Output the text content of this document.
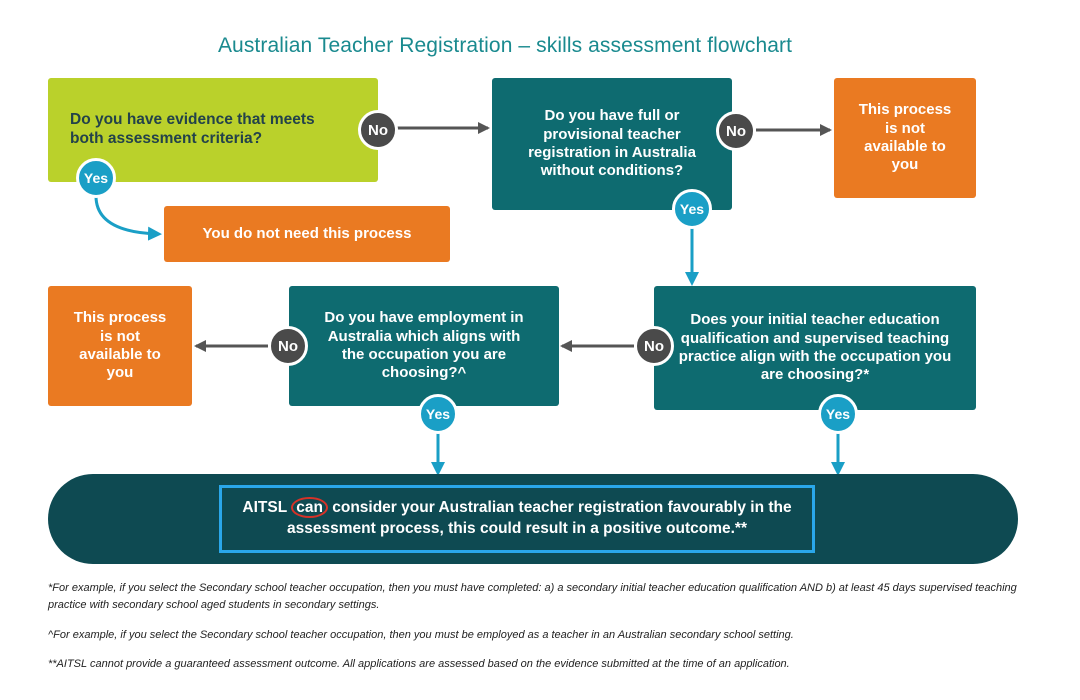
Australian Teacher Registration – skills assessment flowchart
Do you have evidence that meets both assessment criteria?	No
Yes
Do you have full or provisional teacher registration in Australia without conditions?
No
Yes
This process is not available to you
You do not need this process
This process is not available to you
Do you have employment in Australia which aligns with the occupation you are choosing?^
No
Yes
Does your initial teacher education qualification and supervised teaching practice align with the occupation you are choosing?*
No
Yes
AITSL can consider your Australian teacher registration favourably in the assessment process, this could result in a positive outcome.**
*For example, if you select the Secondary school teacher occupation, then you must have completed: a) a secondary initial teacher education qualification AND b) at least 45 days supervised teaching practice with secondary school aged students in secondary settings.
^For example, if you select the Secondary school teacher occupation, then you must be employed as a teacher in an Australian secondary school setting.
**AITSL cannot provide a guaranteed assessment outcome. All applications are assessed based on the evidence submitted at the time of an application.
